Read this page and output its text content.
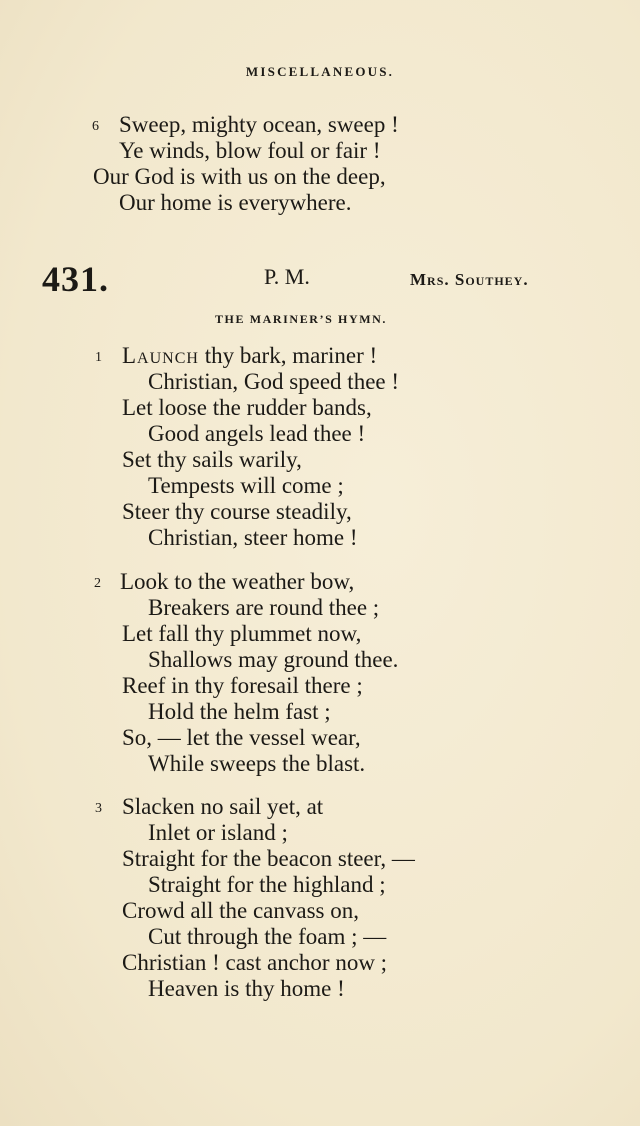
MISCELLANEOUS.
6 Sweep, mighty ocean, sweep !
Ye winds, blow foul or fair !
Our God is with us on the deep,
Our home is everywhere.
431.	P. M.	Mrs. Southey.
THE MARINER’S HYMN.
1 Launch thy bark, mariner !
Christian, God speed thee !
Let loose the rudder bands,
Good angels lead thee !
Set thy sails warily,
Tempests will come ;
Steer thy course steadily,
Christian, steer home !
2 Look to the weather bow,
Breakers are round thee ;
Let fall thy plummet now,
Shallows may ground thee.
Reef in thy foresail there ;
Hold the helm fast ;
So, — let the vessel wear,
While sweeps the blast.
3 Slacken no sail yet, at
Inlet or island ;
Straight for the beacon steer, —
Straight for the highland ;
Crowd all the canvass on,
Cut through the foam ; —
Christian ! cast anchor now ;
Heaven is thy home !
